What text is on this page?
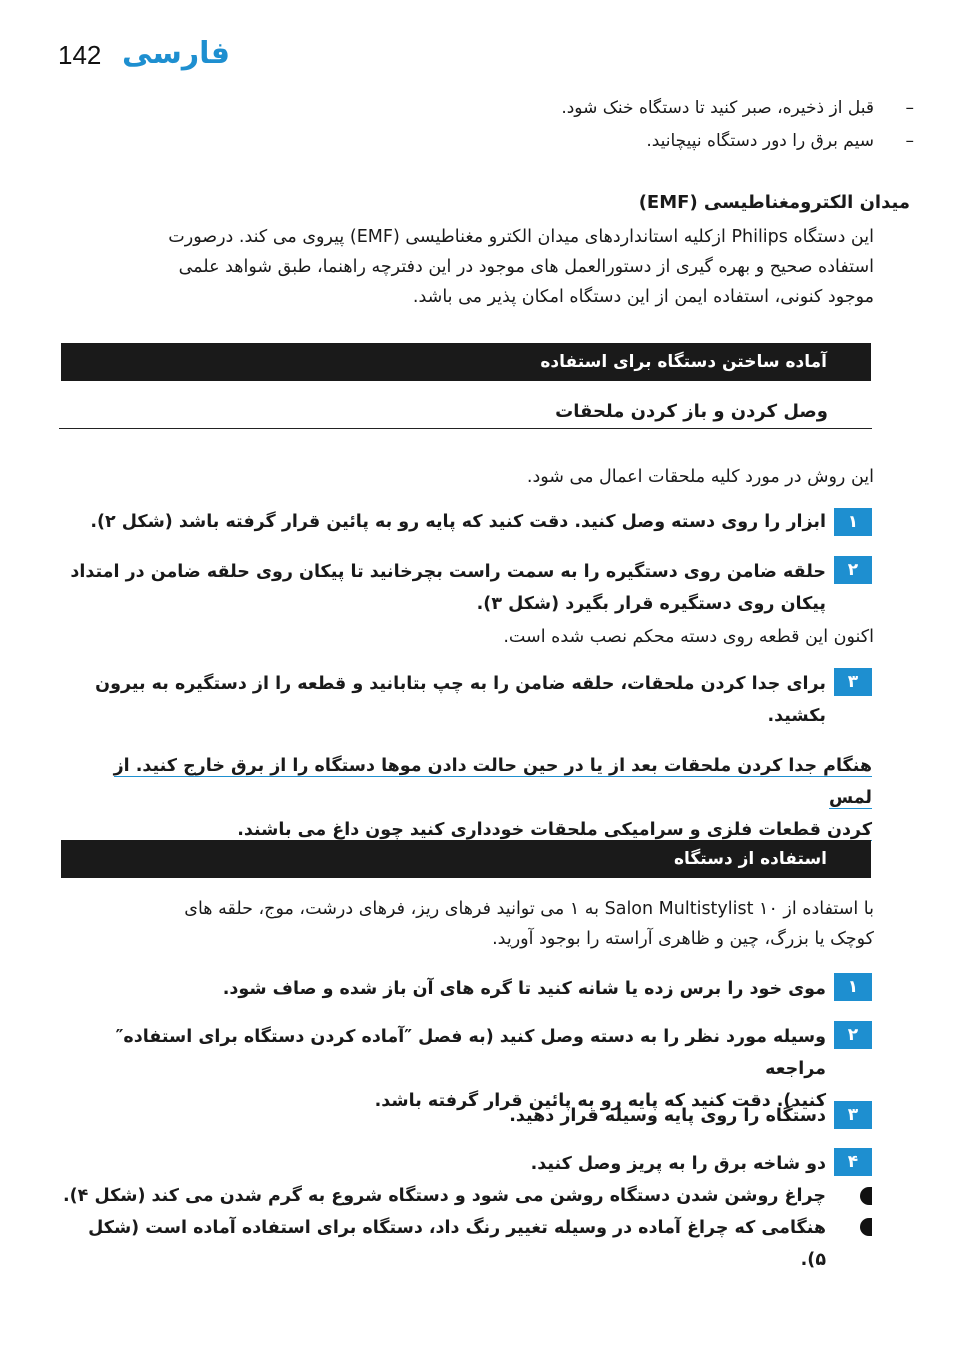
142 فارسی
–
قبل از ذخیره، صبر کنید تا دستگاه خنک شود.
–
سیم برق را دور دستگاه نپیچانید.
میدان الکترومغناطیسی (EMF)
این دستگاه Philips ازکلیه استانداردهای میدان الکترو مغناطیسی (EMF) پیروی می کند. درصورت
استفاده صحیح و بهره گیری از دستورالعمل های موجود در این دفترچه راهنما، طبق شواهد علمی
موجود کنونی، استفاده ایمن از این دستگاه امکان پذیر می باشد.
آماده ساختن دستگاه برای استفاده
وصل کردن و باز کردن ملحقات
این روش در مورد کلیه ملحقات اعمال می شود.
۱
ابزار را روی دسته وصل کنید. دقت کنید که پایه رو به پائین قرار گرفته باشد (شکل ۲).
۲
حلقه ضامن روی دستگیره را به سمت راست بچرخانید تا پیکان روی حلقه ضامن در امتداد
پیکان روی دستگیره قرار بگیرد (شکل ۳).
اکنون این قطعه روی دسته محکم نصب شده است.
۳
برای جدا کردن ملحقات، حلقه ضامن را به چپ بتابانید و قطعه را از دستگیره به بیرون
بکشید.
هنگام جدا کردن ملحقات بعد از یا در حین حالت دادن موها دستگاه را از برق خارج کنید. از لمس
کردن قطعات فلزی و سرامیکی ملحقات خودداری کنید چون داغ می باشند.
استفاده از دستگاه
با استفاده از Salon Multistylist ۱۰ به ۱ می توانید فرهای ریز، فرهای درشت، موج، حلقه های
کوچک یا بزرگ، چین و ظاهری آراسته را بوجود آورید.
۱
موی خود را برس زده یا شانه کنید تا گره های آن باز شده و صاف شود.
۲
وسیله مورد نظر را به دسته وصل کنید (به فصل ″آماده کردن دستگاه برای استفاده″ مراجعه
کنید). دقت کنید که پایه رو به پائین قرار گرفته باشد.
۳
دستگاه را روی پایه وسیله قرار دهید.
۴
دو شاخه برق را به پریز وصل کنید.
چراغ روشن شدن دستگاه روشن می شود و دستگاه شروع به گرم شدن می کند (شکل ۴).
هنگامی که چراغ آماده در وسیله تغییر رنگ داد، دستگاه برای استفاده آماده است (شکل ۵).
